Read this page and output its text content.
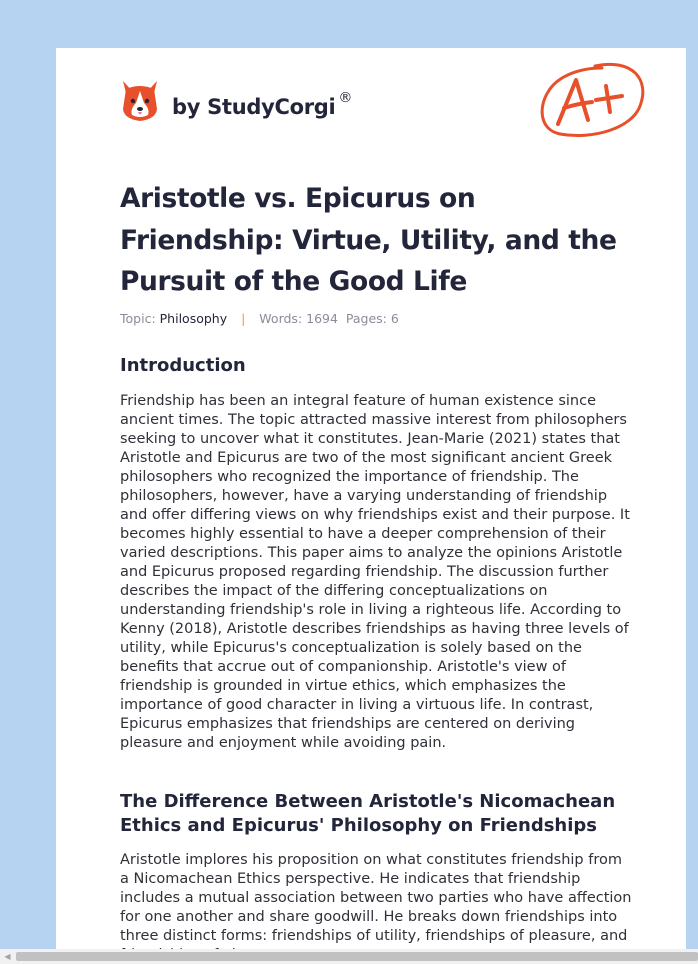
by StudyCorgi ®
Aristotle vs. Epicurus on Friendship: Virtue, Utility, and the Pursuit of the Good Life
Topic: Philosophy | Words: 1694 Pages: 6
Introduction

Friendship has been an integral feature of human existence since ancient times. The topic attracted massive interest from philosophers seeking to uncover what it constitutes. Jean-Marie (2021) states that Aristotle and Epicurus are two of the most significant ancient Greek philosophers who recognized the importance of friendship. The philosophers, however, have a varying understanding of friendship and offer differing views on why friendships exist and their purpose. It becomes highly essential to have a deeper comprehension of their varied descriptions. This paper aims to analyze the opinions Aristotle and Epicurus proposed regarding friendship. The discussion further describes the impact of the differing conceptualizations on understanding friendship's role in living a righteous life. According to Kenny (2018), Aristotle describes friendships as having three levels of utility, while Epicurus's conceptualization is solely based on the benefits that accrue out of companionship. Aristotle's view of friendship is grounded in virtue ethics, which emphasizes the importance of good character in living a virtuous life. In contrast, Epicurus emphasizes that friendships are centered on deriving pleasure and enjoyment while avoiding pain.

The Difference Between Aristotle's Nicomachean Ethics and Epicurus' Philosophy on Friendships

Aristotle implores his proposition on what constitutes friendship from a Nicomachean Ethics perspective. He indicates that friendship includes a mutual association between two parties who have affection for one another and share goodwill. He breaks down friendships into three distinct forms: friendships of utility, friendships of pleasure, and

◀
